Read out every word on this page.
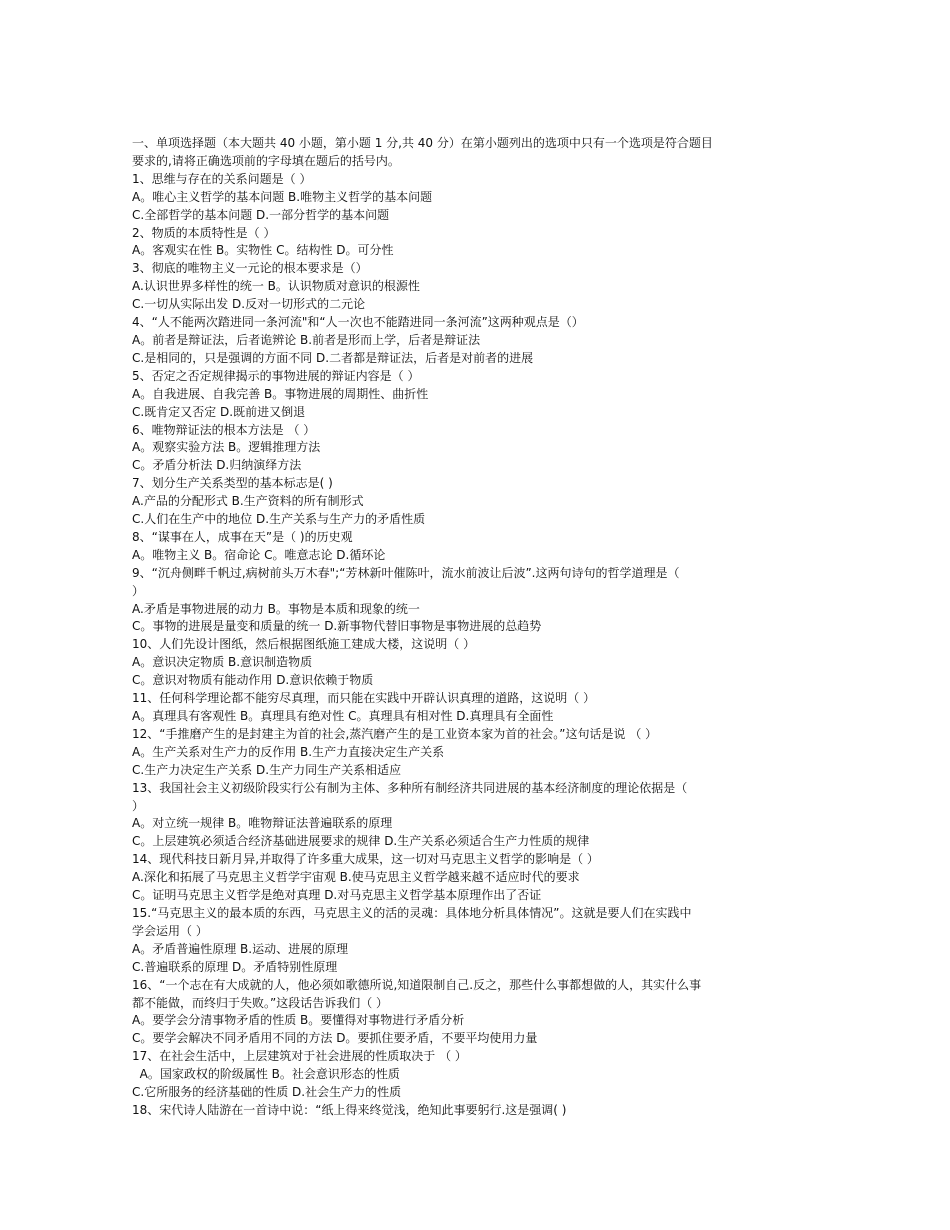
一、单项选择题（本大题共 40 小题，第小题 1 分,共 40 分）在第小题列出的选项中只有一个选项是符合题目
要求的,请将正确选项前的字母填在题后的括号内。
1、思维与存在的关系问题是（ ）
A。唯心主义哲学的基本问题 B.唯物主义哲学的基本问题
C.全部哲学的基本问题 D.一部分哲学的基本问题
2、物质的本质特性是（ ）
A。客观实在性 B。实物性 C。结构性 D。可分性
3、彻底的唯物主义一元论的根本要求是（）
A.认识世界多样性的统一 B。认识物质对意识的根源性
C.一切从实际出发 D.反对一切形式的二元论
4、“人不能两次踏进同一条河流"和“人一次也不能踏进同一条河流”这两种观点是（）
A。前者是辩证法，后者诡辨论 B.前者是形而上学，后者是辩证法
C.是相同的，只是强调的方面不同 D.二者都是辩证法，后者是对前者的进展
5、否定之否定规律揭示的事物进展的辩证内容是（ ）
A。自我进展、自我完善 B。事物进展的周期性、曲折性
C.既肯定又否定 D.既前进又倒退
6、唯物辩证法的根本方法是 （ ）
A。观察实验方法 B。逻辑推理方法
C。矛盾分析法 D.归纳演绎方法
7、划分生产关系类型的基本标志是( )
A.产品的分配形式 B.生产资料的所有制形式
C.人们在生产中的地位 D.生产关系与生产力的矛盾性质
8、“谋事在人，成事在天”是（ )的历史观
A。唯物主义 B。宿命论 C。唯意志论 D.循环论
9、“沉舟侧畔千帆过,病树前头万木春";“芳林新叶催陈叶，流水前波让后波”.这两句诗句的哲学道理是（
）
A.矛盾是事物进展的动力 B。事物是本质和现象的统一
C。事物的进展是量变和质量的统一 D.新事物代替旧事物是事物进展的总趋势
10、人们先设计图纸，然后根据图纸施工建成大楼，这说明（ ）
A。意识决定物质 B.意识制造物质
C。意识对物质有能动作用 D.意识依赖于物质
11、任何科学理论都不能穷尽真理，而只能在实践中开辟认识真理的道路，这说明（ ）
A。真理具有客观性 B。真理具有绝对性 C。真理具有相对性 D.真理具有全面性
12、“手推磨产生的是封建主为首的社会,蒸汽磨产生的是工业资本家为首的社会。”这句话是说 （ ）
A。生产关系对生产力的反作用 B.生产力直接决定生产关系
C.生产力决定生产关系 D.生产力同生产关系相适应
13、我国社会主义初级阶段实行公有制为主体、多种所有制经济共同进展的基本经济制度的理论依据是（
）
A。对立统一规律 B。唯物辩证法普遍联系的原理
C。上层建筑必须适合经济基础进展要求的规律 D.生产关系必须适合生产力性质的规律
14、现代科技日新月异,并取得了许多重大成果，这一切对马克思主义哲学的影响是（ ）
A.深化和拓展了马克思主义哲学宇宙观 B.使马克思主义哲学越来越不适应时代的要求
C。证明马克思主义哲学是绝对真理 D.对马克思主义哲学基本原理作出了否证
15.“马克思主义的最本质的东西，马克思主义的活的灵魂：具体地分析具体情况”。这就是要人们在实践中
学会运用（ ）
A。矛盾普遍性原理 B.运动、进展的原理
C.普遍联系的原理 D。矛盾特别性原理
16、“一个志在有大成就的人，他必须如歌德所说,知道限制自己.反之，那些什么事都想做的人，其实什么事
都不能做，而终归于失败。”这段话告诉我们（ ）
A。要学会分清事物矛盾的性质 B。要懂得对事物进行矛盾分析
C。要学会解决不同矛盾用不同的方法 D。要抓住要矛盾，不要平均使用力量
17、在社会生活中，上层建筑对于社会进展的性质取决于 （ ）
A。国家政权的阶级属性 B。社会意识形态的性质
C.它所服务的经济基础的性质 D.社会生产力的性质
18、宋代诗人陆游在一首诗中说：“纸上得来终觉浅，绝知此事要躬行.这是强调( )
